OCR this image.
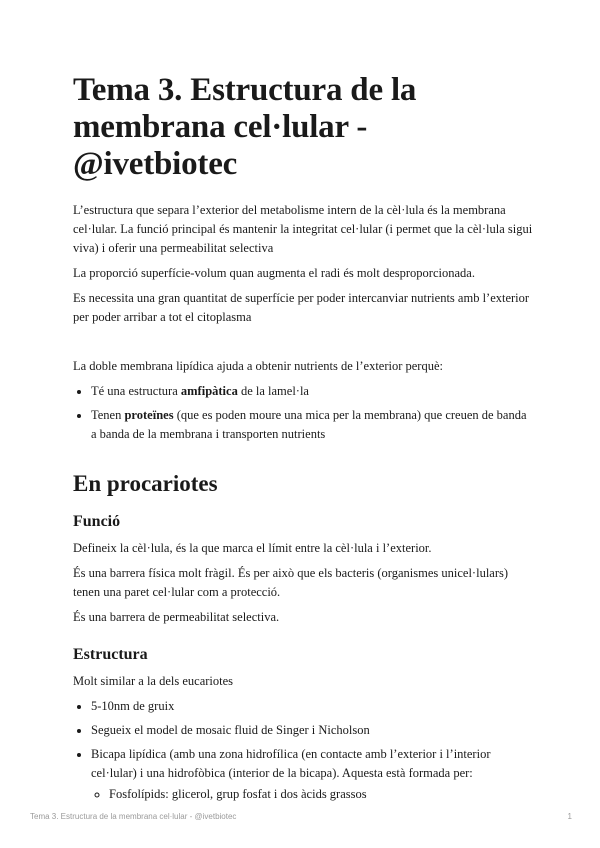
Tema 3. Estructura de la membrana cel·lular - @ivetbiotec

L’estructura que separa l’exterior del metabolisme intern de la cèl·lula és la membrana cel·lular. La funció principal és mantenir la integritat cel·lular (i permet que la cèl·lula sigui viva) i oferir una permeabilitat selectiva

La proporció superfície-volum quan augmenta el radi és molt desproporcionada.

Es necessita una gran quantitat de superfície per poder intercanviar nutrients amb l’exterior per poder arribar a tot el citoplasma

La doble membrana lipídica ajuda a obtenir nutrients de l’exterior perquè:

• Té una estructura amfipàtica de la lamel·la
• Tenen proteïnes (que es poden moure una mica per la membrana) que creuen de banda a banda de la membrana i transporten nutrients
En procariotes
Funció

Defineix la cèl·lula, és la que marca el límit entre la cèl·lula i l’exterior.

És una barrera física molt fràgil. És per això que els bacteris (organismes unicel·lulars) tenen una paret cel·lular com a protecció.

És una barrera de permeabilitat selectiva.

Estructura

Molt similar a la dels eucariotes

• 5-10nm de gruix
• Segueix el model de mosaic fluid de Singer i Nicholson
• Bicapa lipídica (amb una zona hidrofílica (en contacte amb l’exterior i l’interior cel·lular) i una hidrofòbica (interior de la bicapa). Aquesta està formada per:
◦ Fosfolípids: glicerol, grup fosfat i dos àcids grassos
Tema 3. Estructura de la membrana cel·lular - @ivetbiotec	1
